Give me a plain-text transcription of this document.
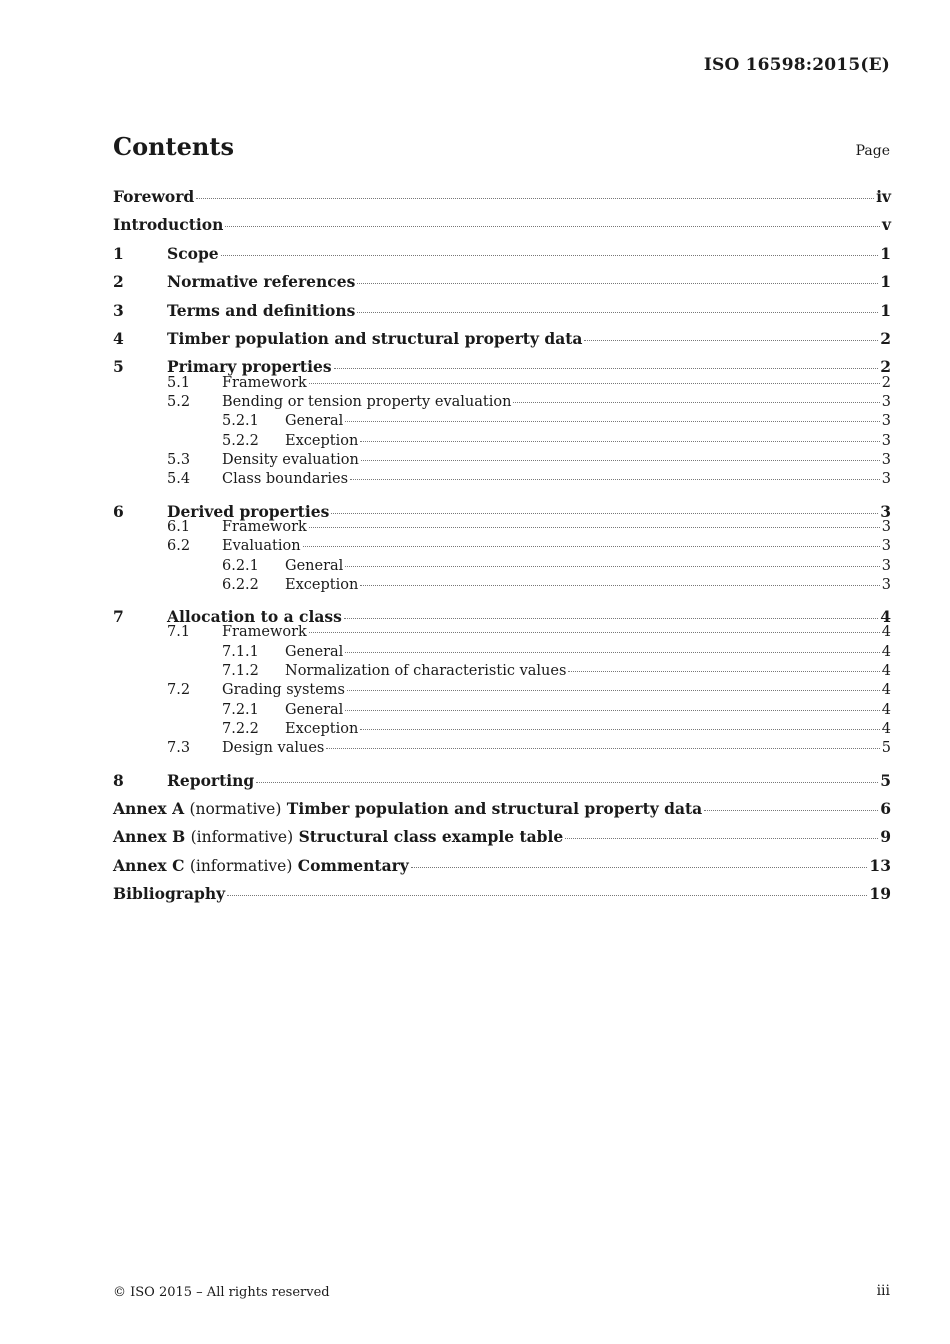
ISO 16598:2015(E)
Contents	Page
Foreword	iv
Introduction	v
1	Scope	1
2	Normative references	1
3	Terms and definitions	1
4	Timber population and structural property data	2
5	Primary properties	2
5.1	Framework	2
5.2	Bending or tension property evaluation	3
5.2.1	General	3
5.2.2	Exception	3
5.3	Density evaluation	3
5.4	Class boundaries	3
6	Derived properties	3
6.1	Framework	3
6.2	Evaluation	3
6.2.1	General	3
6.2.2	Exception	3
7	Allocation to a class	4
7.1	Framework	4
7.1.1	General	4
7.1.2	Normalization of characteristic values	4
7.2	Grading systems	4
7.2.1	General	4
7.2.2	Exception	4
7.3	Design values	5
8	Reporting	5
Annex A (normative) Timber population and structural property data	6
Annex B (informative) Structural class example table	9
Annex C (informative) Commentary	13
Bibliography	19
© ISO 2015 – All rights reserved	iii
